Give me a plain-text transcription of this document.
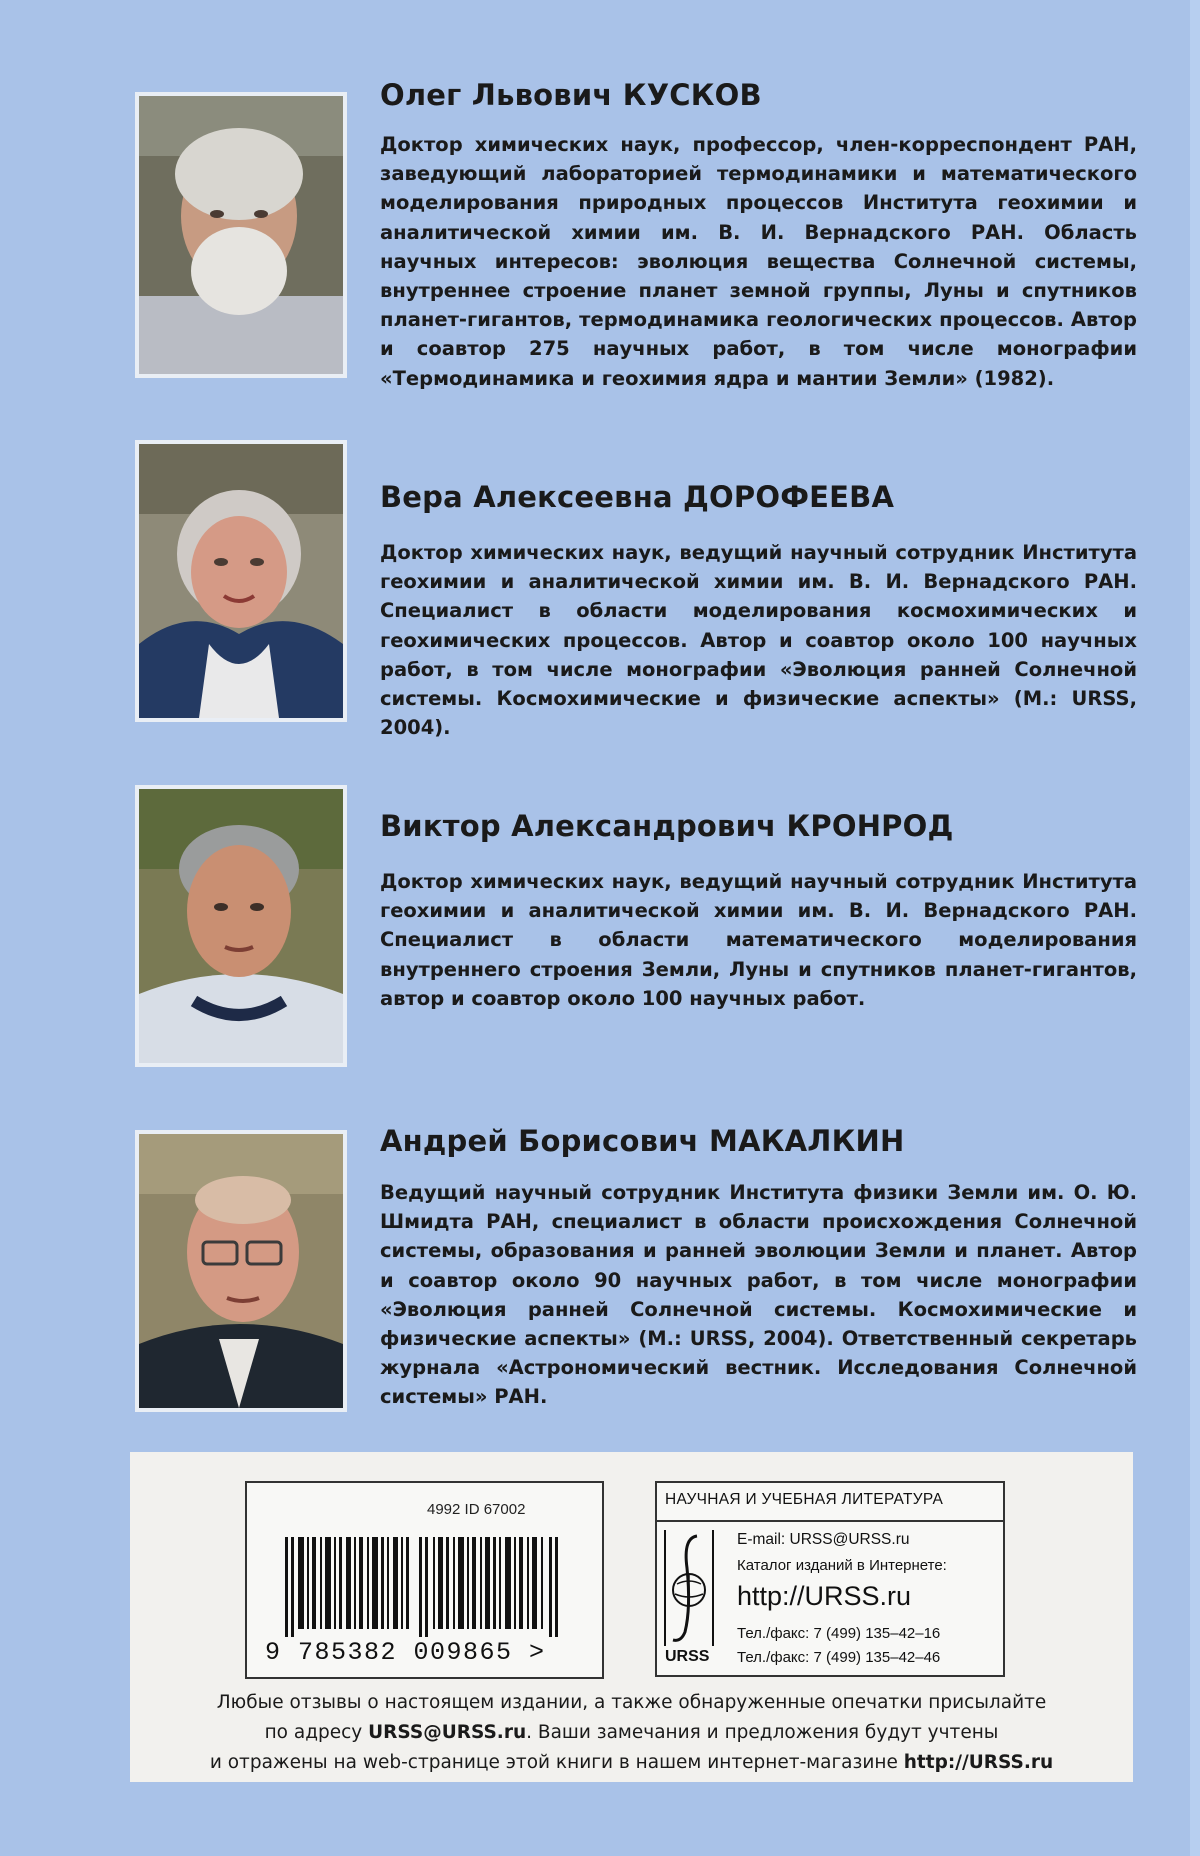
Олег Львович КУСКОВ

Доктор химических наук, профессор, член-корреспондент РАН, заведующий лабораторией термодинамики и математического моделирования природных процессов Института геохимии и аналитической химии им. В. И. Вернадского РАН. Область научных интересов: эволюция вещества Солнечной системы, внутреннее строение планет земной группы, Луны и спутников планет-гигантов, термодинамика геологических процессов. Автор и соавтор 275 научных работ, в том числе монографии «Термодинамика и геохимия ядра и мантии Земли» (1982).

Вера Алексеевна ДОРОФЕЕВА

Доктор химических наук, ведущий научный сотрудник Института геохимии и аналитической химии им. В. И. Вернадского РАН. Специалист в области моделирования космохимических и геохимических процессов. Автор и соавтор около 100 научных работ, в том числе монографии «Эволюция ранней Солнечной системы. Космохимические и физические аспекты» (М.: URSS, 2004).

Виктор Александрович КРОНРОД

Доктор химических наук, ведущий научный сотрудник Института геохимии и аналитической химии им. В. И. Вернадского РАН. Специалист в области математического моделирования внутреннего строения Земли, Луны и спутников планет-гигантов, автор и соавтор около 100 научных работ.

Андрей Борисович МАКАЛКИН

Ведущий научный сотрудник Института физики Земли им. О. Ю. Шмидта РАН, специалист в области происхождения Солнечной системы, образования и ранней эволюции Земли и планет. Автор и соавтор около 90 научных работ, в том числе монографии «Эволюция ранней Солнечной системы. Космохимические и физические аспекты» (М.: URSS, 2004). Ответственный секретарь журнала «Астрономический вестник. Исследования Солнечной системы» РАН.

4992 ID 67002
9 785382 009865 >
НАУЧНАЯ И УЧЕБНАЯ ЛИТЕРАТУРА
URSS
E-mail: URSS@URSS.ru
Каталог изданий в Интернете:
http://URSS.ru
Тел./факс: 7 (499) 135–42–16
Тел./факс: 7 (499) 135–42–46
Любые отзывы о настоящем издании, а также обнаруженные опечатки присылайте
по адресу URSS@URSS.ru. Ваши замечания и предложения будут учтены
и отражены на web-странице этой книги в нашем интернет-магазине http://URSS.ru
